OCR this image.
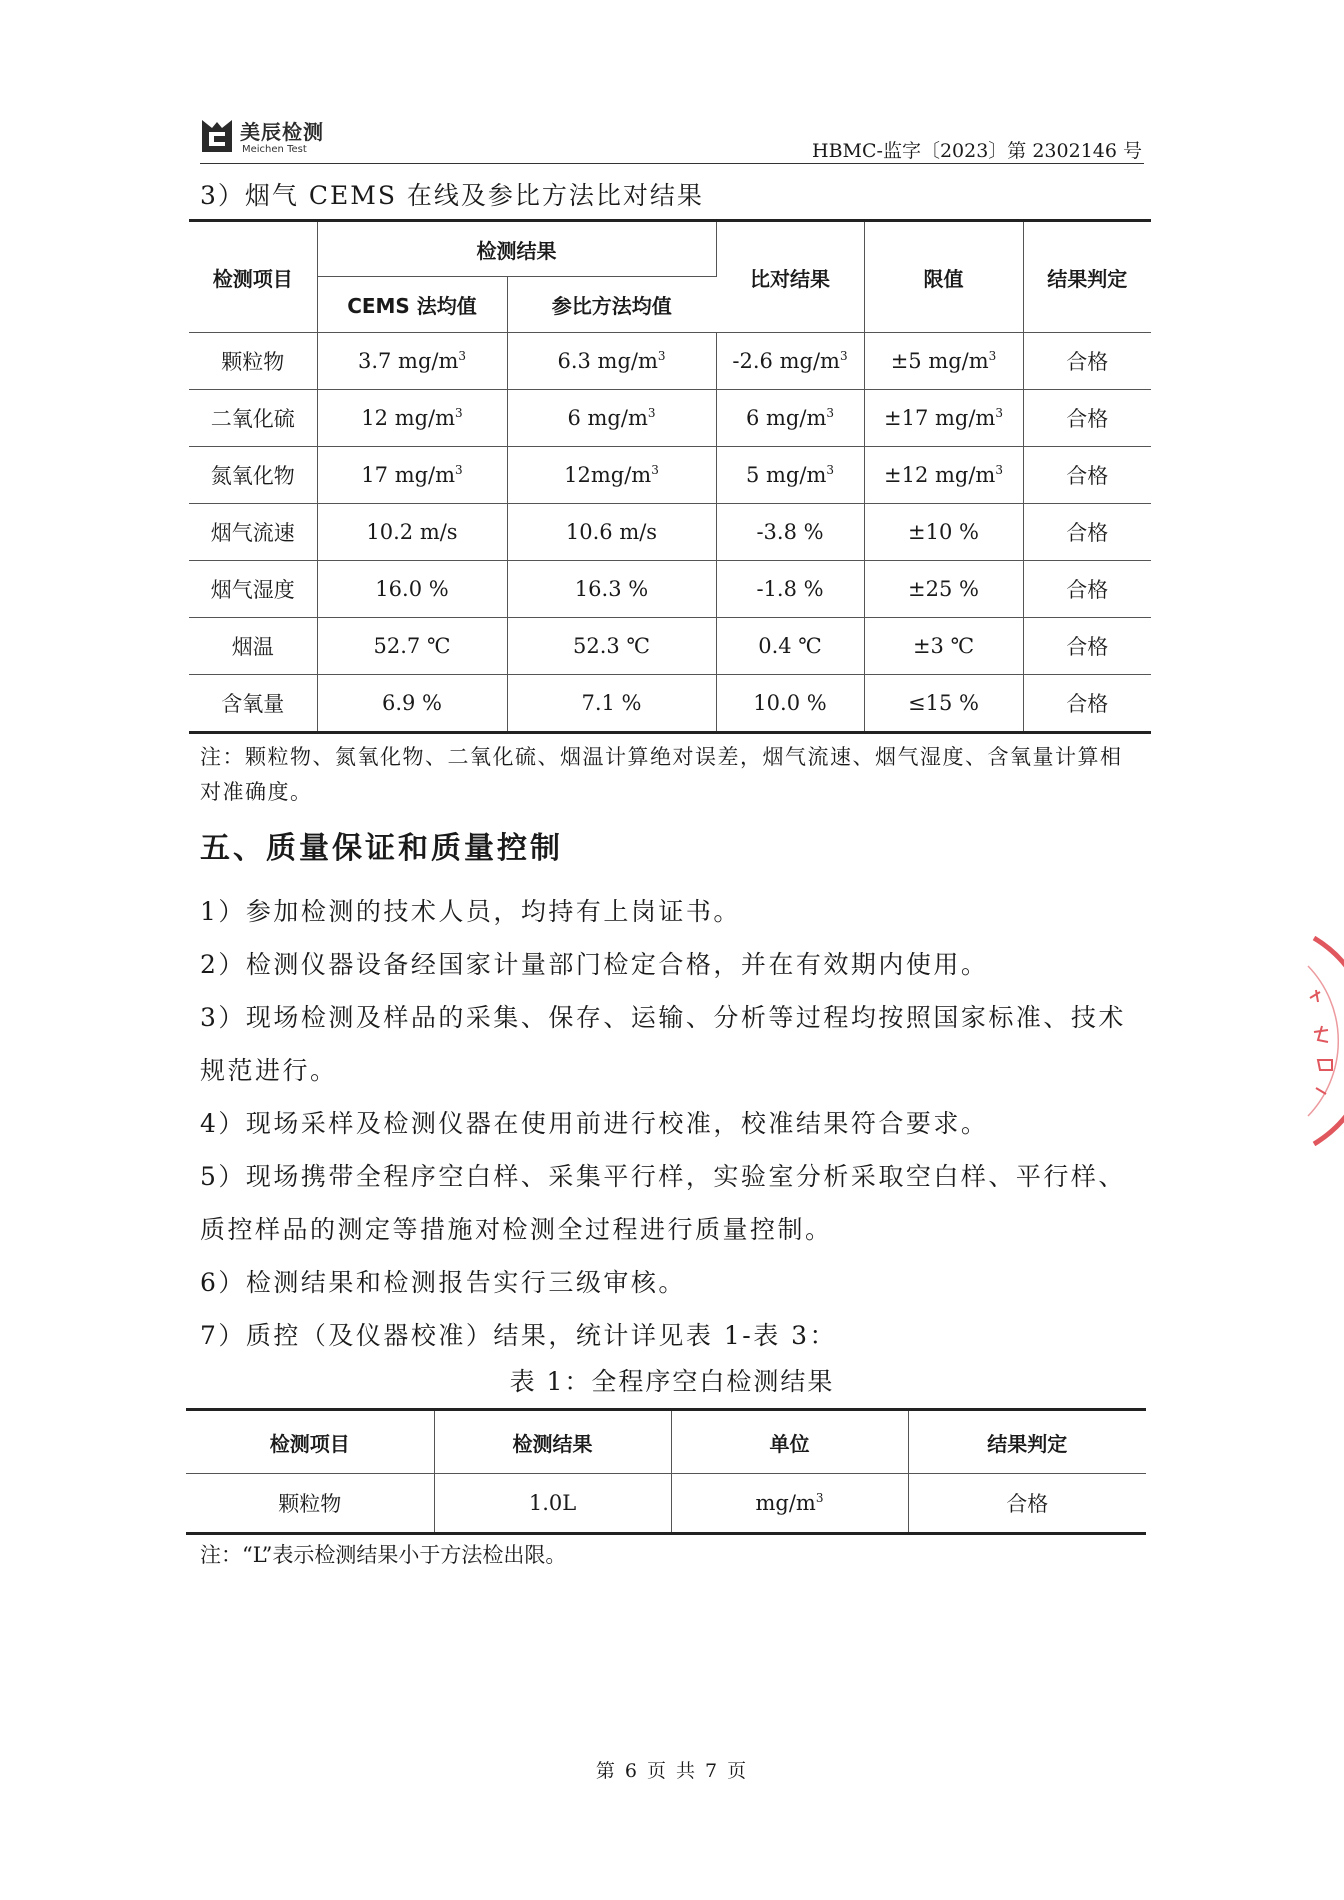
美辰检测
Meichen Test	HBMC-监字〔2023〕第 2302146 号
3）烟气 CEMS 在线及参比方法比对结果
检测项目	检测结果		比对结果	限值	结果判定
	CEMS 法均值	参比方法均值			
颗粒物	3.7 $mg/m^3$	6.3 $mg/m^3$	-2.6 $mg/m^3$	±5 $mg/m^3$	合格
二氧化硫	12 $mg/m^3$	6 $mg/m^3$	6 $mg/m^3$	±17 $mg/m^3$	合格
氮氧化物	17 $mg/m^3$	$12mg/m^3$	5 $mg/m^3$	±12 $mg/m^3$	合格
烟气流速	10.2 m/s	10.6 m/s	-3.8 %	±10 %	合格
烟气湿度	16.0 %	16.3 %	-1.8 %	±25 %	合格
烟温	52.7 ℃	52.3 ℃	0.4 ℃	±3 ℃	合格
含氧量	6.9 %	7.1 %	10.0 %	≤15 %	合格
注：颗粒物、氮氧化物、二氧化硫、烟温计算绝对误差，烟气流速、烟气湿度、含氧量计算相对准确度。
五、质量保证和质量控制

1）参加检测的技术人员，均持有上岗证书。

2）检测仪器设备经国家计量部门检定合格，并在有效期内使用。

3）现场检测及样品的采集、保存、运输、分析等过程均按照国家标准、技术规范进行。

4）现场采样及检测仪器在使用前进行校准，校准结果符合要求。

5）现场携带全程序空白样、采集平行样，实验室分析采取空白样、平行样、质控样品的测定等措施对检测全过程进行质量控制。

6）检测结果和检测报告实行三级审核。

7）质控（及仪器校准）结果，统计详见表 1-表 3：

表 1：全程序空白检测结果
检测项目	检测结果	单位	结果判定
颗粒物	1.0L	$mg/m^3$	合格
注：“L”表示检测结果小于方法检出限。
第 6 页 共 7 页
